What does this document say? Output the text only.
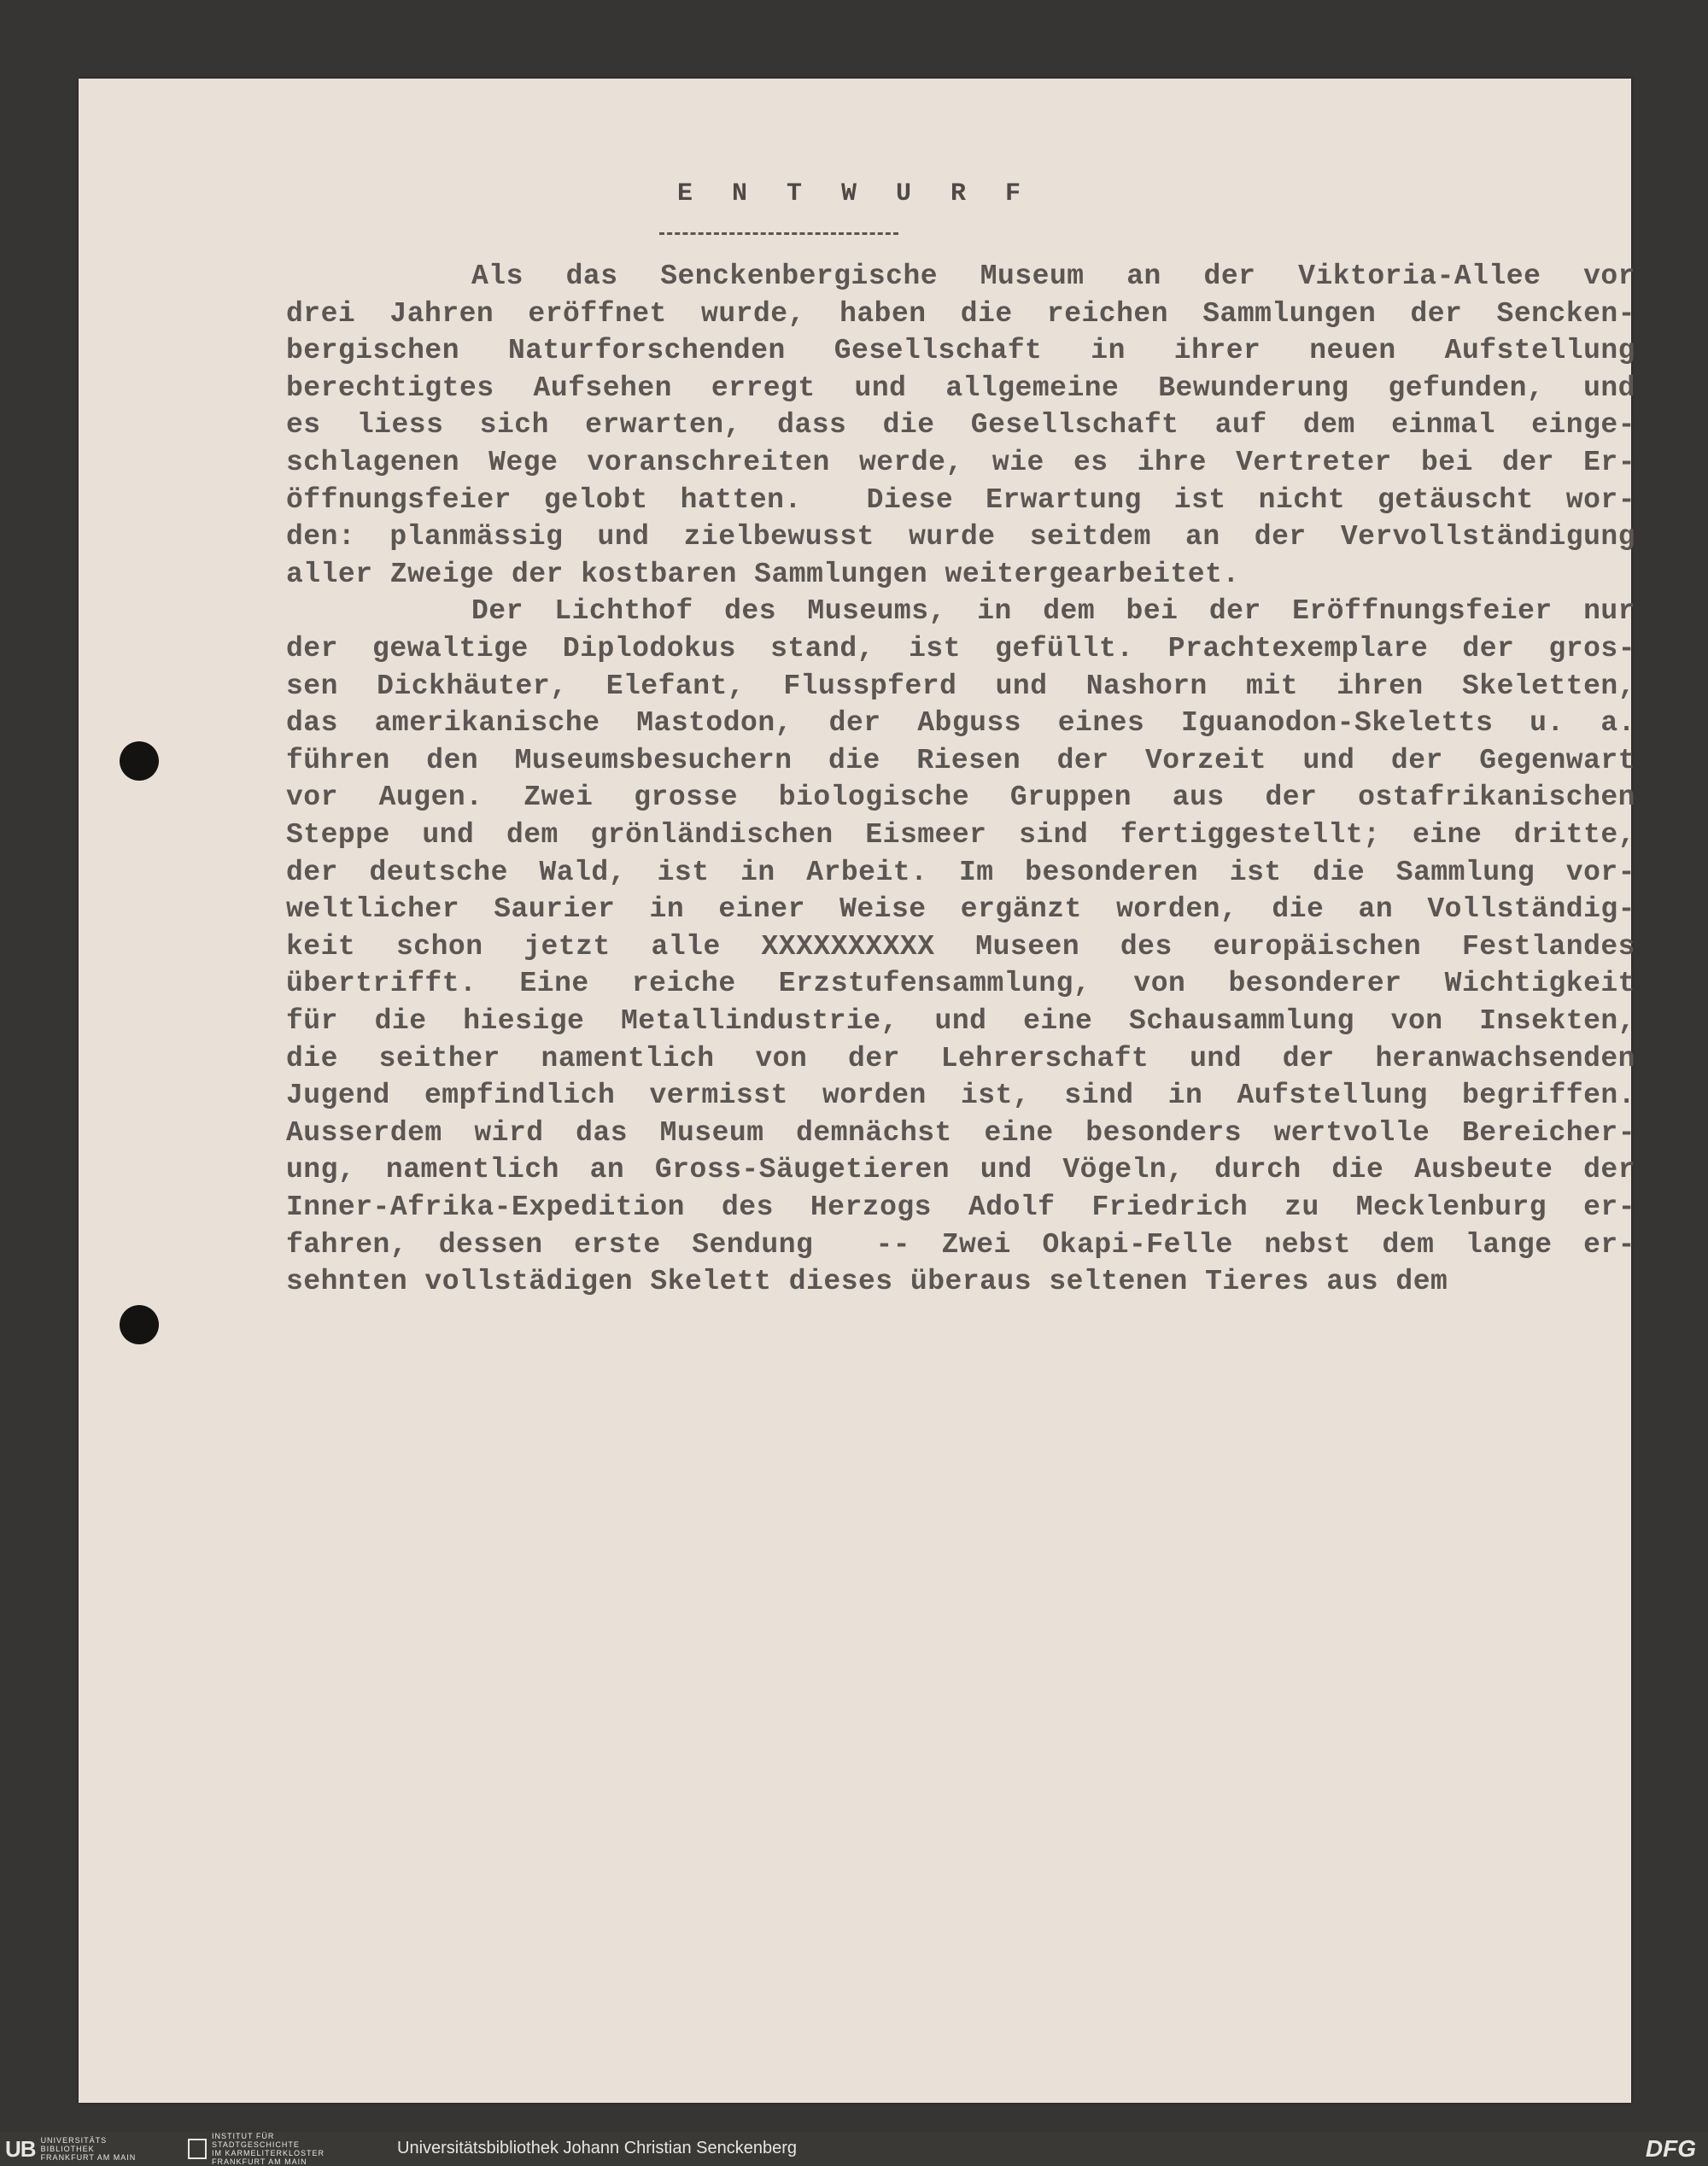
E N T W U R F
Als das Senckenbergische Museum an der Viktoria-Allee vor
drei Jahren eröffnet wurde, haben die reichen Sammlungen der Sencken-
bergischen Naturforschenden Gesellschaft in ihrer neuen Aufstellung
berechtigtes Aufsehen erregt und allgemeine Bewunderung gefunden, und
es liess sich erwarten, dass die Gesellschaft auf dem einmal einge-
schlagenen Wege voranschreiten werde, wie es ihre Vertreter bei der Er-
öffnungsfeier gelobt hatten.  Diese Erwartung ist nicht getäuscht wor-
den: planmässig und zielbewusst wurde seitdem an der Vervollständigung
aller Zweige der kostbaren Sammlungen weitergearbeitet.
Der Lichthof des Museums, in dem bei der Eröffnungsfeier nur
der gewaltige Diplodokus stand, ist gefüllt. Prachtexemplare der gros-
sen Dickhäuter, Elefant, Flusspferd und Nashorn mit ihren Skeletten,
das amerikanische Mastodon, der Abguss eines Iguanodon-Skeletts u. a.
führen den Museumsbesuchern die Riesen der Vorzeit und der Gegenwart
vor Augen. Zwei grosse biologische Gruppen aus der ostafrikanischen
Steppe und dem grönländischen Eismeer sind fertiggestellt; eine dritte,
der deutsche Wald, ist in Arbeit. Im besonderen ist die Sammlung vor-
weltlicher Saurier in einer Weise ergänzt worden, die an Vollständig-
keit schon jetzt alle XXXXXXXXXX Museen des europäischen Festlandes
übertrifft. Eine reiche Erzstufensammlung, von besonderer Wichtigkeit
für die hiesige Metallindustrie, und eine Schausammlung von Insekten,
die seither namentlich von der Lehrerschaft und der heranwachsenden
Jugend empfindlich vermisst worden ist, sind in Aufstellung begriffen.
Ausserdem wird das Museum demnächst eine besonders wertvolle Bereicher-
ung, namentlich an Gross-Säugetieren und Vögeln, durch die Ausbeute der
Inner-Afrika-Expedition des Herzogs Adolf Friedrich zu Mecklenburg er-
fahren, dessen erste Sendung  -- Zwei Okapi-Felle nebst dem lange er-
sehnten vollstädigen Skelett dieses überaus seltenen Tieres aus dem
UB UNIVERSITÄTS
BIBLIOTHEK
FRANKFURT AM MAIN
INSTITUT FÜR
STADTGESCHICHTE
IM KARMELITERKLOSTER
FRANKFURT AM MAIN
Universitätsbibliothek Johann Christian Senckenberg	DFG
